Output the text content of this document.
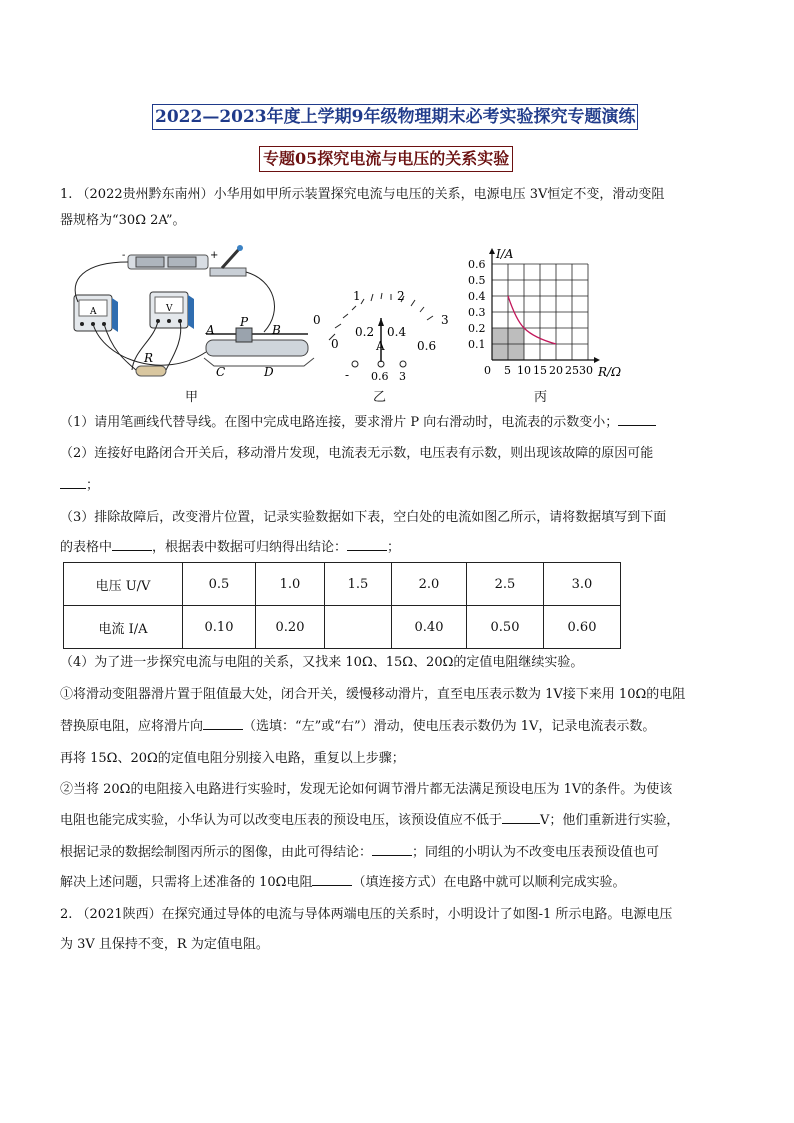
2022—2023年度上学期9年级物理期末必考实验探究专题演练
专题05探究电流与电压的关系实验
1. （2022贵州黔东南州）小华用如甲所示装置探究电流与电压的关系，电源电压 3V恒定不变，滑动变阻
器规格为“30Ω 2A”。
-	+
A	V
A
P
B
C	D
R
甲
0
1	2
3
0
0.2 0.4
0.6
A
- 0.6 3
乙
I/A
R/Ω
0.6
0.5
0.4
0.3
0.2
0.1
0 5 10 15 20 25 30
丙
（1）请用笔画线代替导线。在图中完成电路连接，要求滑片 P 向右滑动时，电流表的示数变小；
（2）连接好电路闭合开关后，移动滑片发现，电流表无示数，电压表有示数，则出现该故障的原因可能
；
（3）排除故障后，改变滑片位置，记录实验数据如下表，空白处的电流如图乙所示，请将数据填写到下面
的表格中	，根据表中数据可归纳得出结论：	；
电压 U/V	0.5	1.0	1.5	2.0	2.5	3.0
电流 I/A	0.10	0.20		0.40	0.50	0.60
（4）为了进一步探究电流与电阻的关系，又找来 10Ω、15Ω、20Ω的定值电阻继续实验。
①将滑动变阻器滑片置于阻值最大处，闭合开关，缓慢移动滑片，直至电压表示数为 1V接下来用 10Ω的电阻
替换原电阻，应将滑片向	（选填：“左”或“右”）滑动，使电压表示数仍为 1V，记录电流表示数。
再将 15Ω、20Ω的定值电阻分别接入电路，重复以上步骤；
②当将 20Ω的电阻接入电路进行实验时，发现无论如何调节滑片都无法满足预设电压为 1V的条件。为使该
电阻也能完成实验，小华认为可以改变电压表的预设电压，该预设值应不低于	V；他们重新进行实验，
根据记录的数据绘制图丙所示的图像，由此可得结论：	；同组的小明认为不改变电压表预设值也可
解决上述问题，只需将上述准备的 10Ω电阻	（填连接方式）在电路中就可以顺利完成实验。
2. （2021陕西）在探究通过导体的电流与导体两端电压的关系时，小明设计了如图-1 所示电路。电源电压
为 3V 且保持不变，R 为定值电阻。
